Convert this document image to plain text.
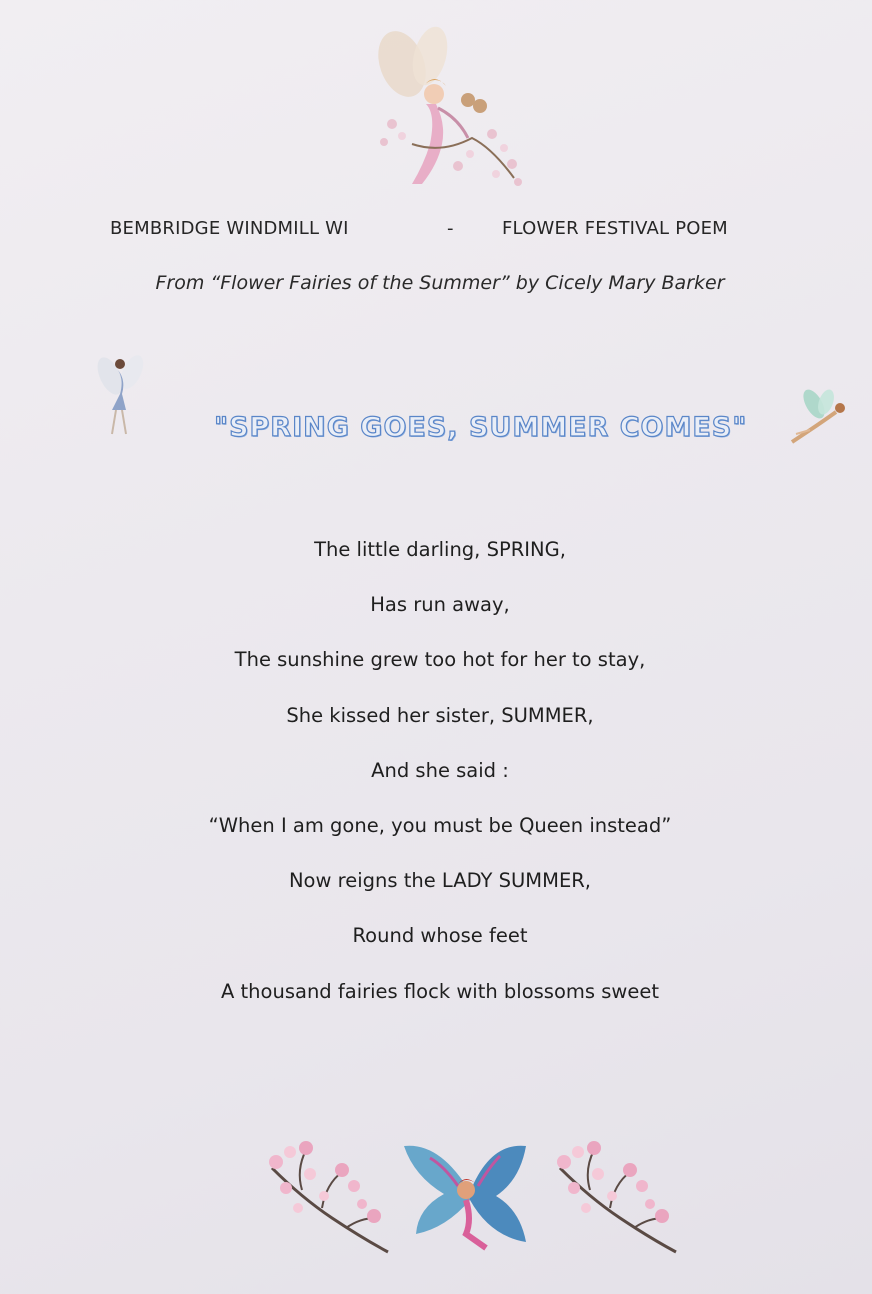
BEMBRIDGE WINDMILL WI	-	FLOWER FESTIVAL POEM
From “Flower Fairies of the Summer” by Cicely Mary Barker
"SPRING GOES, SUMMER COMES"
The little darling, SPRING,
Has run away,
The sunshine grew too hot for her to stay,
She kissed her sister, SUMMER,
And she said :
“When I am gone, you must be Queen instead”
Now reigns the LADY SUMMER,
Round whose feet
A thousand fairies flock with blossoms sweet
